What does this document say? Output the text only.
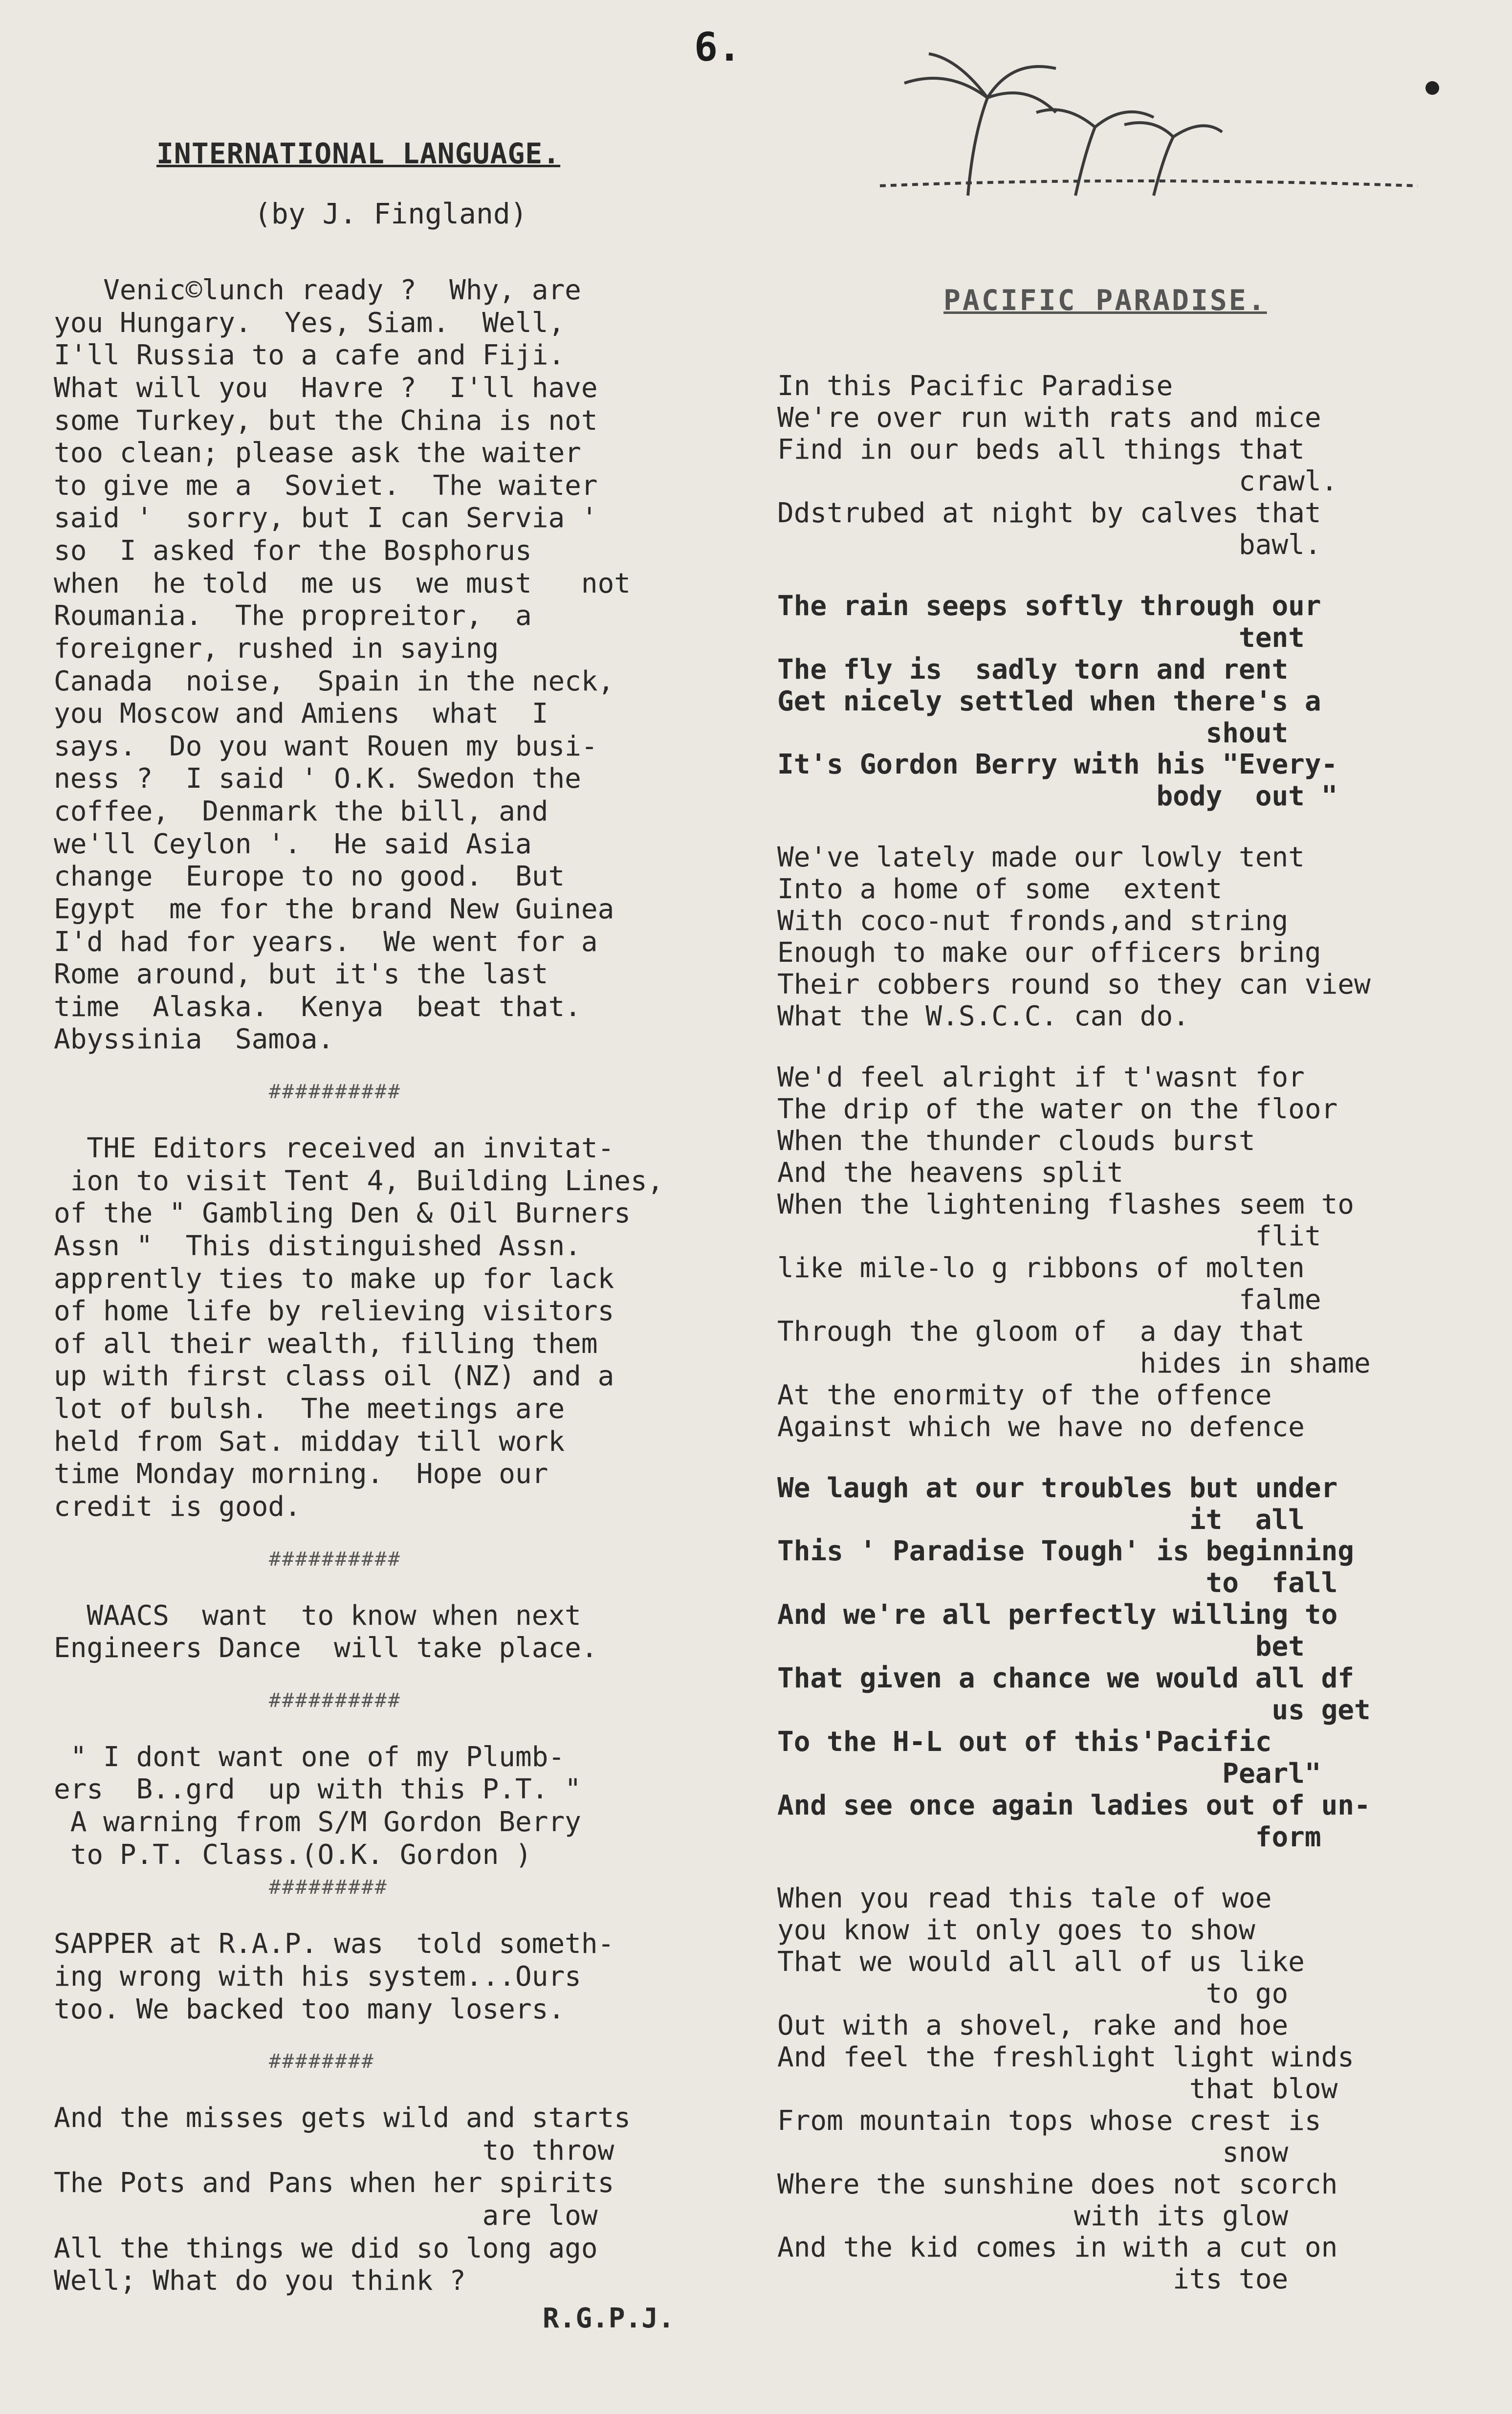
6.
INTERNATIONAL LANGUAGE.
(by J. Fingland)

Venic©lunch ready ?  Why, are
you Hungary.  Yes, Siam.  Well,
I'll Russia to a cafe and Fiji.
What will you  Havre ?  I'll have
some Turkey, but the China is not
too clean; please ask the waiter
to give me a  Soviet.  The waiter
said '  sorry, but I can Servia '
so  I asked for the Bosphorus
when  he told  me us  we must   not
Roumania.  The propreitor,  a
foreigner, rushed in saying
Canada  noise,  Spain in the neck,
you Moscow and Amiens  what  I
says.  Do you want Rouen my busi-
ness ?  I said ' O.K. Swedon the
coffee,  Denmark the bill, and
we'll Ceylon '.  He said Asia
change  Europe to no good.  But
Egypt  me for the brand New Guinea
I'd had for years.  We went for a
Rome around, but it's the last
time  Alaska.  Kenya  beat that.
Abyssinia  Samoa.

##########

THE Editors received an invitat-
ion to visit Tent 4, Building Lines,
of the " Gambling Den & Oil Burners
Assn "  This distinguished Assn.
apprently ties to make up for lack
of home life by relieving visitors
of all their wealth, filling them
up with first class oil (NZ) and a
lot of bulsh.  The meetings are
held from Sat. midday till work
time Monday morning.  Hope our
credit is good.

##########

WAACS  want  to know when next
Engineers Dance  will take place.

##########

" I dont want one of my Plumb-
ers  B..grd  up with this P.T. "
A warning from S/M Gordon Berry
to P.T. Class.(O.K. Gordon )

#########

SAPPER at R.A.P. was  told someth-
ing wrong with his system...Ours
too. We backed too many losers.

########

And the misses gets wild and starts
to throw
The Pots and Pans when her spirits
are low
All the things we did so long ago
Well; What do you think ?

R.G.P.J.
PACIFIC PARADISE.

In this Pacific Paradise
We're over run with rats and mice
Find in our beds all things that
crawl.
Ddstrubed at night by calves that
bawl.

The rain seeps softly through our
tent
The fly is  sadly torn and rent
Get nicely settled when there's a
shout
It's Gordon Berry with his "Every-
body  out "

We've lately made our lowly tent
Into a home of some  extent
With coco-nut fronds,and string
Enough to make our officers bring
Their cobbers round so they can view
What the W.S.C.C. can do.

We'd feel alright if t'wasnt for
The drip of the water on the floor
When the thunder clouds burst
And the heavens split
When the lightening flashes seem to
flit
like mile-lo g ribbons of molten
falme
Through the gloom of  a day that
hides in shame
At the enormity of the offence
Against which we have no defence

We laugh at our troubles but under
it  all
This ' Paradise Tough' is beginning
to  fall
And we're all perfectly willing to
bet
That given a chance we would all df
us get
To the H-L out of this'Pacific
Pearl"
And see once again ladies out of un-
form

When you read this tale of woe
you know it only goes to show
That we would all all of us like
to go
Out with a shovel, rake and hoe
And feel the freshlight light winds
that blow
From mountain tops whose crest is
snow
Where the sunshine does not scorch
with its glow
And the kid comes in with a cut on
its toe
